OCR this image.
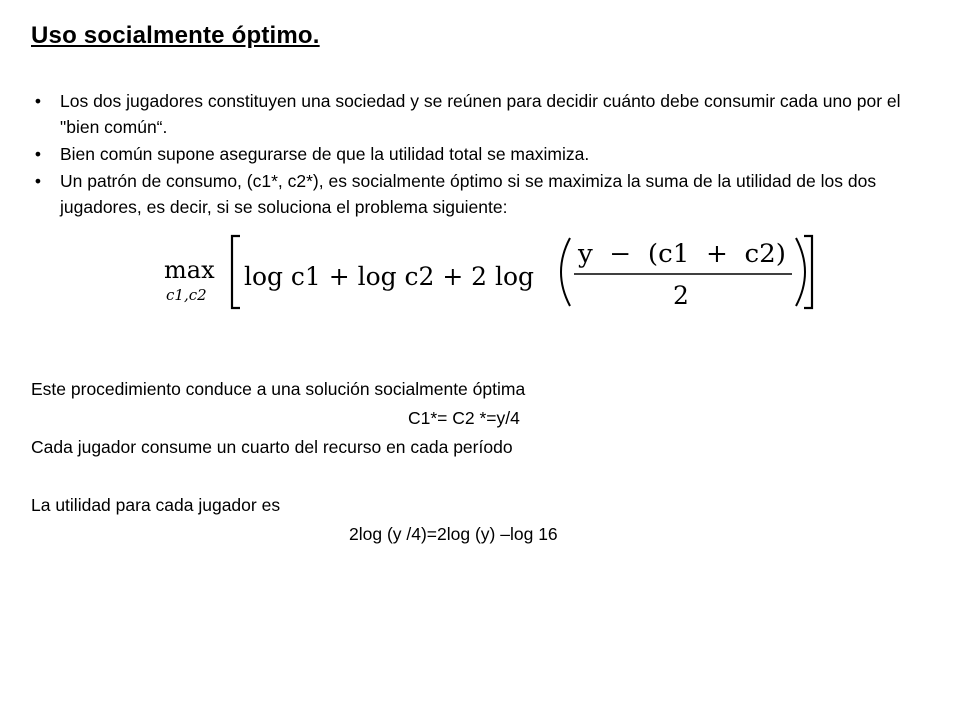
Uso socialmente óptimo.
• Los dos jugadores constituyen una sociedad y se reúnen para decidir cuánto debe consumir cada uno por el "bien común“.
• Bien común supone asegurarse de que la utilidad total se maximiza.
• Un patrón de consumo, (c1*, c2*), es socialmente óptimo si se maximiza la suma de la utilidad de los dos jugadores, es decir, si se soluciona el problema siguiente:
max
c1,c2
log c1 + log c2 + 2 log
y  −  (c1  +  c2)
2
Este procedimiento conduce a una solución socialmente óptima
C1*= C2 *=y/4
Cada jugador consume un cuarto del recurso en cada período
La utilidad para cada jugador es
2log (y /4)=2log (y) –log 16
